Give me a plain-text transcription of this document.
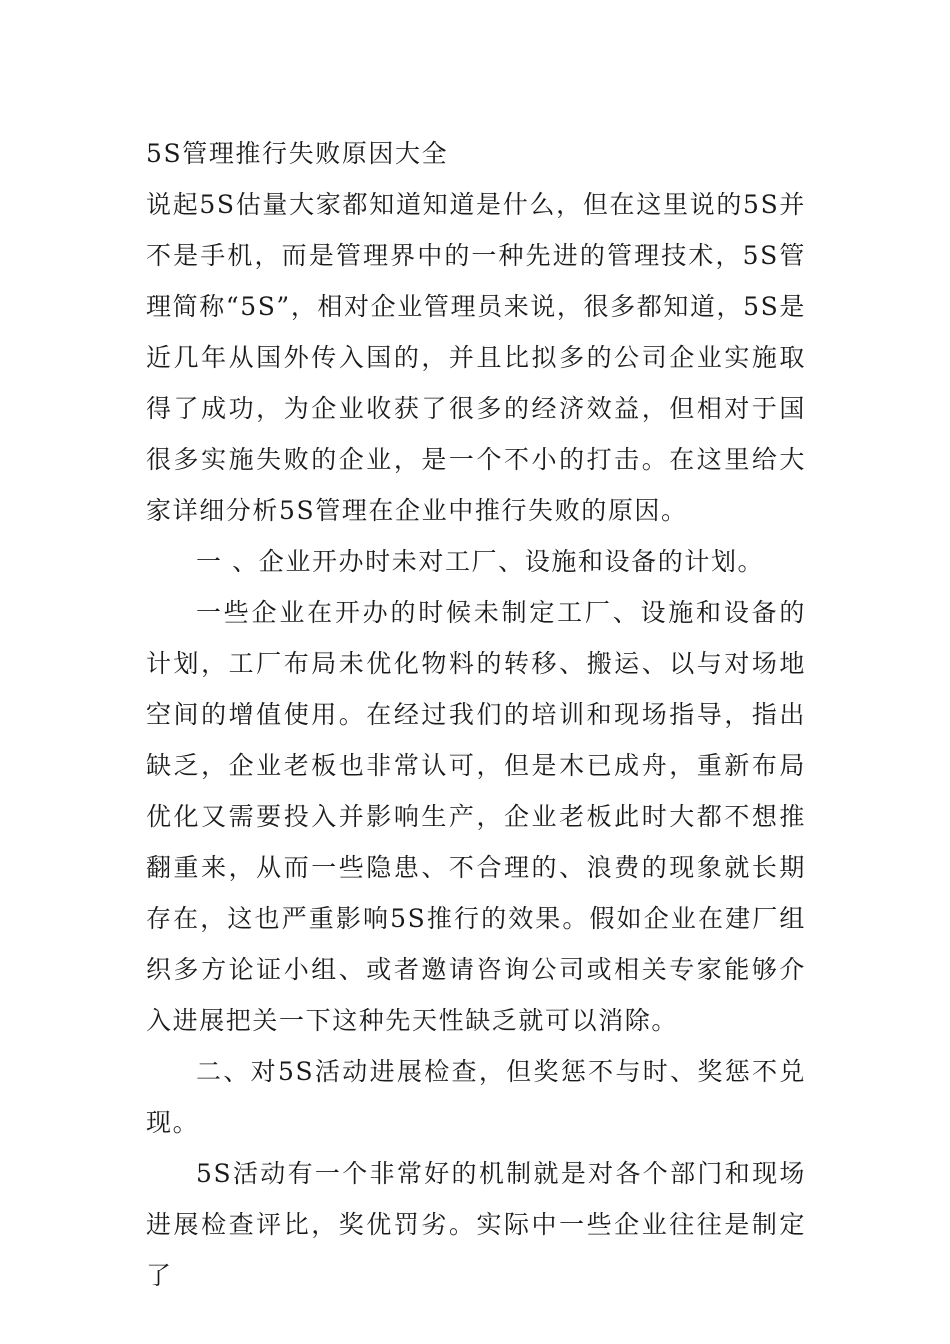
5S管理推行失败原因大全

说起5S估量大家都知道知道是什么，但在这里说的5S并不是手机，而是管理界中的一种先进的管理技术，5S管理简称“5S”，相对企业管理员来说，很多都知道，5S是近几年从国外传入国的，并且比拟多的公司企业实施取得了成功，为企业收获了很多的经济效益，但相对于国很多实施失败的企业，是一个不小的打击。在这里给大家详细分析5S管理在企业中推行失败的原因。

一 、企业开办时未对工厂、设施和设备的计划。

一些企业在开办的时候未制定工厂、设施和设备的计划，工厂布局未优化物料的转移、搬运、以与对场地空间的增值使用。在经过我们的培训和现场指导，指出缺乏，企业老板也非常认可，但是木已成舟，重新布局优化又需要投入并影响生产，企业老板此时大都不想推翻重来，从而一些隐患、不合理的、浪费的现象就长期存在，这也严重影响5S推行的效果。假如企业在建厂组织多方论证小组、或者邀请咨询公司或相关专家能够介入进展把关一下这种先天性缺乏就可以消除。

二、对5S活动进展检查，但奖惩不与时、奖惩不兑现。

5S活动有一个非常好的机制就是对各个部门和现场进展检查评比，奖优罚劣。实际中一些企业往往是制定了
